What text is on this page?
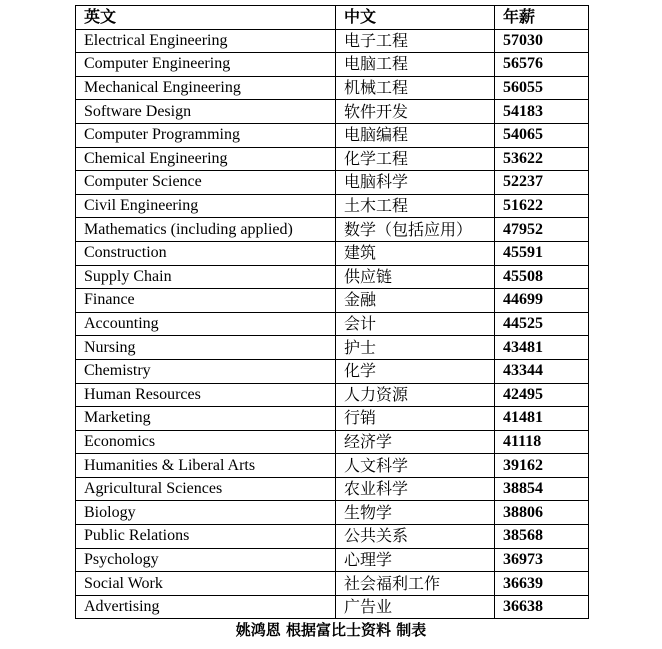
英文	中文	年薪
Electrical Engineering	电子工程	57030
Computer Engineering	电脑工程	56576
Mechanical Engineering	机械工程	56055
Software Design	软件开发	54183
Computer Programming	电脑编程	54065
Chemical Engineering	化学工程	53622
Computer Science	电脑科学	52237
Civil Engineering	土木工程	51622
Mathematics (including applied)	数学（包括应用）	47952
Construction	建筑	45591
Supply Chain	供应链	45508
Finance	金融	44699
Accounting	会计	44525
Nursing	护士	43481
Chemistry	化学	43344
Human Resources	人力资源	42495
Marketing	行销	41481
Economics	经济学	41118
Humanities & Liberal Arts	人文科学	39162
Agricultural Sciences	农业科学	38854
Biology	生物学	38806
Public Relations	公共关系	38568
Psychology	心理学	36973
Social Work	社会福利工作	36639
Advertising	广告业	36638
姚鸿恩 根据富比士资料 制表
